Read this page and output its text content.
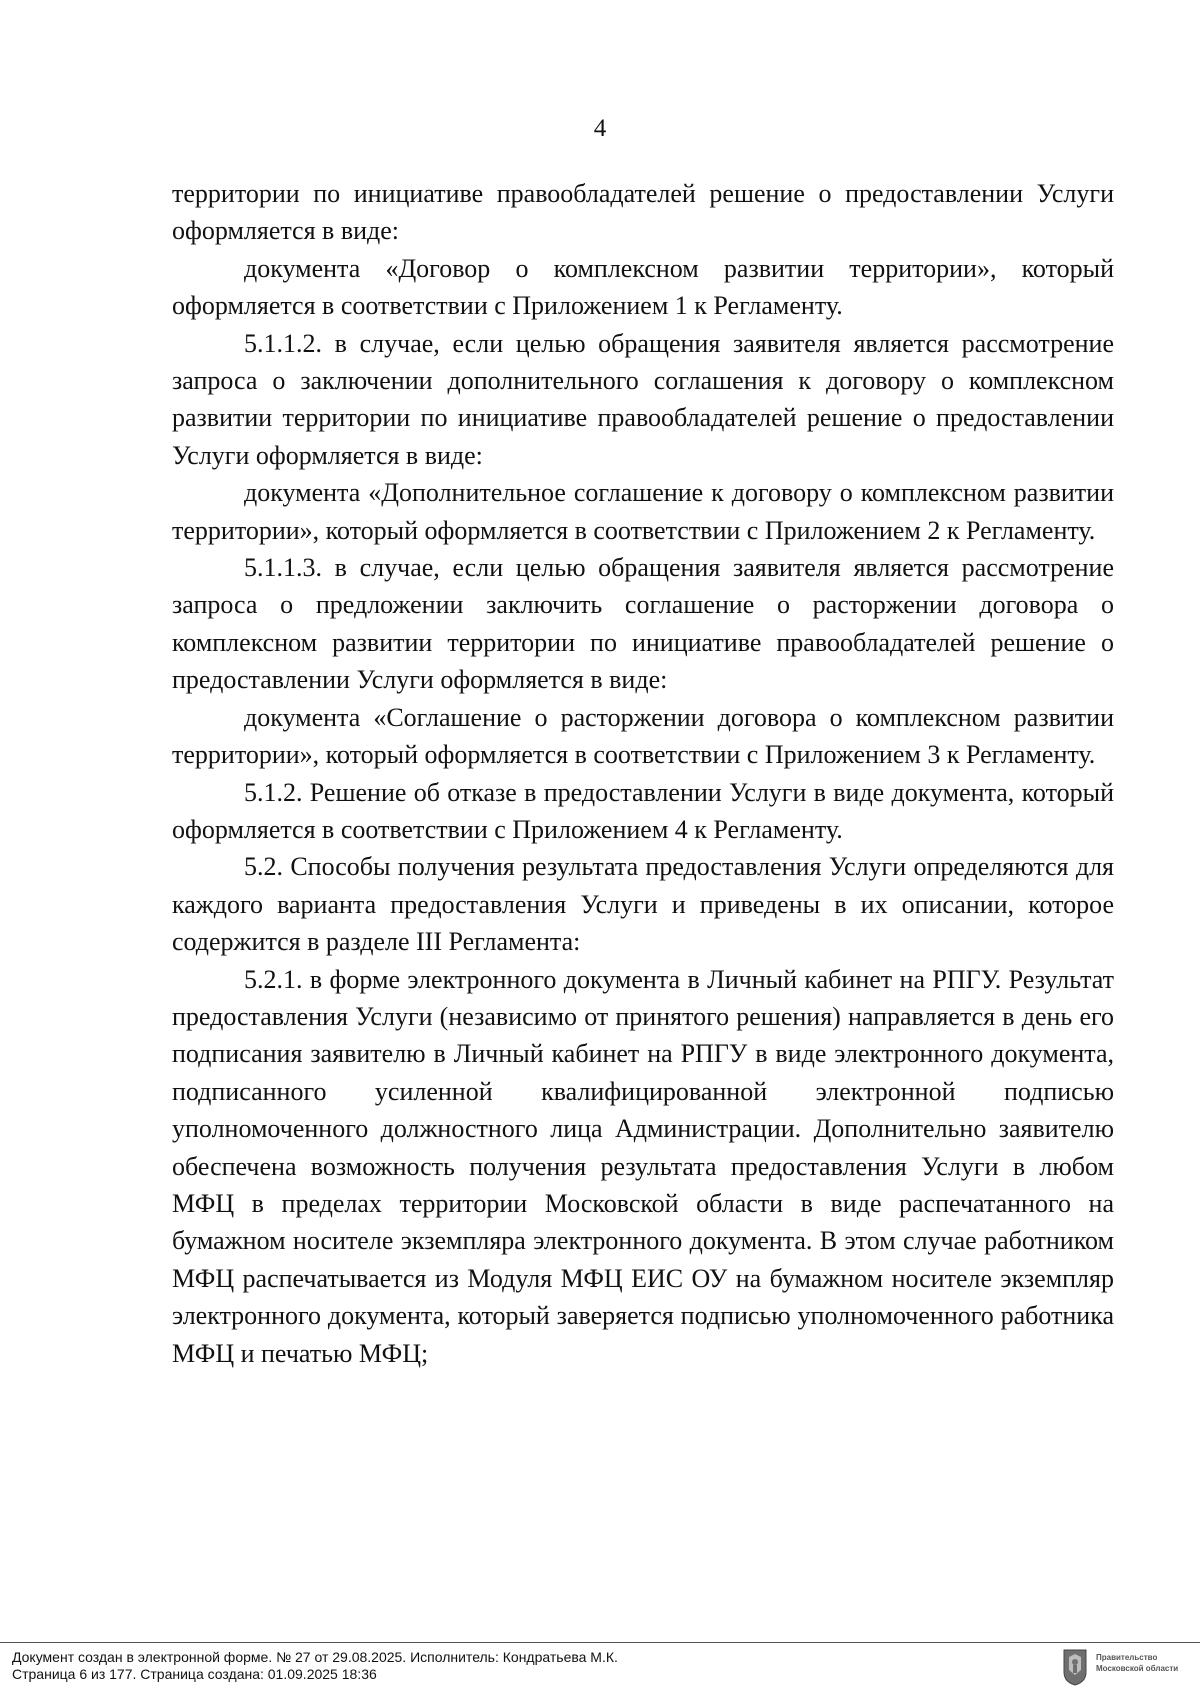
4

территории по инициативе правообладателей решение о предоставлении Услуги оформляется в виде:

документа «Договор о комплексном развитии территории», который оформляется в соответствии с Приложением 1 к Регламенту.

5.1.1.2. в случае, если целью обращения заявителя является рассмотрение запроса о заключении дополнительного соглашения к договору о комплексном развитии территории по инициативе правообладателей решение о предоставлении Услуги оформляется в виде:

документа «Дополнительное соглашение к договору о комплексном развитии территории», который оформляется в соответствии с Приложением 2 к Регламенту.

5.1.1.3. в случае, если целью обращения заявителя является рассмотрение запроса о предложении заключить соглашение о расторжении договора о комплексном развитии территории по инициативе правообладателей решение о предоставлении Услуги оформляется в виде:

документа «Соглашение о расторжении договора о комплексном развитии территории», который оформляется в соответствии с Приложением 3 к Регламенту.

5.1.2. Решение об отказе в предоставлении Услуги в виде документа, который оформляется в соответствии с Приложением 4 к Регламенту.

5.2. Способы получения результата предоставления Услуги определяются для каждого варианта предоставления Услуги и приведены в их описании, которое содержится в разделе III Регламента:

5.2.1. в форме электронного документа в Личный кабинет на РПГУ. Результат предоставления Услуги (независимо от принятого решения) направляется в день его подписания заявителю в Личный кабинет на РПГУ в виде электронного документа, подписанного усиленной квалифицированной электронной подписью уполномоченного должностного лица Администрации. Дополнительно заявителю обеспечена возможность получения результата предоставления Услуги в любом МФЦ в пределах территории Московской области в виде распечатанного на бумажном носителе экземпляра электронного документа. В этом случае работником МФЦ распечатывается из Модуля МФЦ ЕИС ОУ на бумажном носителе экземпляр электронного документа, который заверяется подписью уполномоченного работника МФЦ и печатью МФЦ;

Документ создан в электронной форме. № 27 от 29.08.2025. Исполнитель: Кондратьева М.К.
Страница 6 из 177. Страница создана: 01.09.2025 18:36
Правительство
Московской области
